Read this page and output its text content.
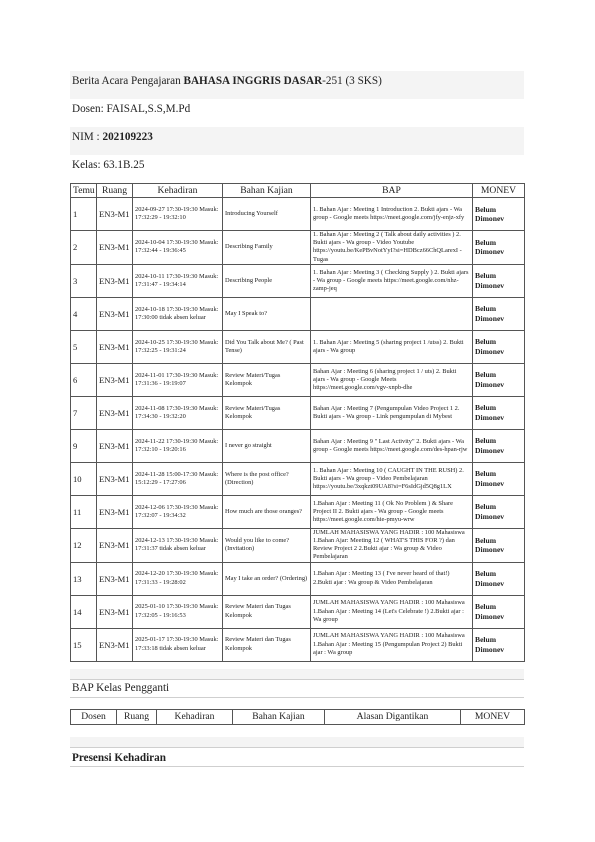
Berita Acara Pengajaran BAHASA INGGRIS DASAR-251 (3 SKS)
Dosen: FAISAL,S.S,M.Pd
NIM : 202109223
Kelas: 63.1B.25
Temu	Ruang	Kehadiran	Bahan Kajian	BAP	MONEV
1	EN3-M1	2024-09-27 17:30-19:30 Masuk: 17:32:29 - 19:32:10	Introducing Yourself	1. Bahan Ajar : Meeting 1 Introduction 2. Bukti ajars - Wa group - Google meets https://meet.google.com/jfy-enjz-xfy	Belum Dimonev
2	EN3-M1	2024-10-04 17:30-19:30 Masuk: 17:32:44 - 19:36:45	Describing Family	1. Bahan Ajar : Meeting 2 ( Talk about daily activities ) 2. Bukti ajars - Wa group - Video Youtube https://youtu.be/KePBvNotYyI?si=HDBcz66ChQLarexI - Tugas	Belum Dimonev
3	EN3-M1	2024-10-11 17:30-19:30 Masuk: 17:31:47 - 19:34:14	Describing People	1. Bahan Ajar : Meeting 3 ( Checking Supply ) 2. Bukti ajars - Wa group - Google meets https://meet.google.com/nhz-zamp-jeq	Belum Dimonev
4	EN3-M1	2024-10-18 17:30-19:30 Masuk: 17:30:00 tidak absen keluar	May I Speak to?		Belum Dimonev
5	EN3-M1	2024-10-25 17:30-19:30 Masuk: 17:32:25 - 19:31:24	Did You Talk about Me? ( Past Tense)	1. Bahan Ajar : Meeting 5 (sharing project 1 /utss) 2. Bukti ajars - Wa group	Belum Dimonev
6	EN3-M1	2024-11-01 17:30-19:30 Masuk: 17:31:36 - 19:19:07	Review Materi/Tugas Kelompok	Bahan Ajar : Meeting 6 (sharing project 1 / uts) 2. Bukti ajars - Wa group - Google Meets https://meet.google.com/vgv-xnpb-dhe	Belum Dimonev
7	EN3-M1	2024-11-08 17:30-19:30 Masuk: 17:34:30 - 19:32:20	Review Materi/Tugas Kelompok	Bahan Ajar : Meeting 7 (Pengumpulan Video Project 1 2. Bukti ajars - Wa group - Link pengumpulan di Mybest	Belum Dimonev
9	EN3-M1	2024-11-22 17:30-19:30 Masuk: 17:32:10 - 19:20:16	I never go straight	Bahan Ajar : Meeting 9 " Last Activity" 2. Bukti ajars - Wa group - Google meets https://meet.google.com/des-hpan-rjw	Belum Dimonev
10	EN3-M1	2024-11-28 15:00-17:30 Masuk: 15:12:29 - 17:27:06	Where is the post office? (Direction)	1. Bahan Ajar : Meeting 10 ( CAUGHT IN THE RUSH) 2. Bukti ajars - Wa group - Video Pembelajaran https://youtu.be/3xqkzt09UA8?si=F6sIdGjd5Q8g1LX	Belum Dimonev
11	EN3-M1	2024-12-06 17:30-19:30 Masuk: 17:32:07 - 19:34:32	How much are those oranges?	1.Bahan Ajar : Meeting 11 ( Ok No Problem ) & Share Project II 2. Bukti ajars - Wa group - Google meets https://meet.google.com/hie-pmyu-wrw	Belum Dimonev
12	EN3-M1	2024-12-13 17:30-19:30 Masuk: 17:31:37 tidak absen keluar	Would you like to come?(Invitation)	JUMLAH MAHASISWA YANG HADIR : 100 Mahasiswa 1.Bahan Ajar: Meeting 12 ( WHAT'S THIS FOR ?) dan Review Project 2 2.Bukti ajar : Wa group & Video Pembelajaran	Belum Dimonev
13	EN3-M1	2024-12-20 17:30-19:30 Masuk: 17:31:33 - 19:28:02	May I take an order? (Ordering)	1.Bahan Ajar : Meeting 13 ( I've never heard of that!) 2.Bukti ajar : Wa group & Video Pembelajaran	Belum Dimonev
14	EN3-M1	2025-01-10 17:30-19:30 Masuk: 17:32:05 - 19:16:53	Review Materi dan Tugas Kelompok	JUMLAH MAHASISWA YANG HADIR : 100 Mahasiswa 1.Bahan Ajar : Meeting 14 (Let's Celebrate !) 2.Bukti ajar : Wa group	Belum Dimonev
15	EN3-M1	2025-01-17 17:30-19:30 Masuk: 17:33:18 tidak absen keluar	Review Materi dan Tugas Kelompok	JUMLAH MAHASISWA YANG HADIR : 100 Mahasiswa 1.Bahan Ajar : Meeting 15 (Pengumpulan Project 2) Bukti ajar : Wa group	Belum Dimonev
BAP Kelas Pengganti
Dosen	Ruang	Kehadiran	Bahan Kajian	Alasan Digantikan	MONEV
Presensi Kehadiran
